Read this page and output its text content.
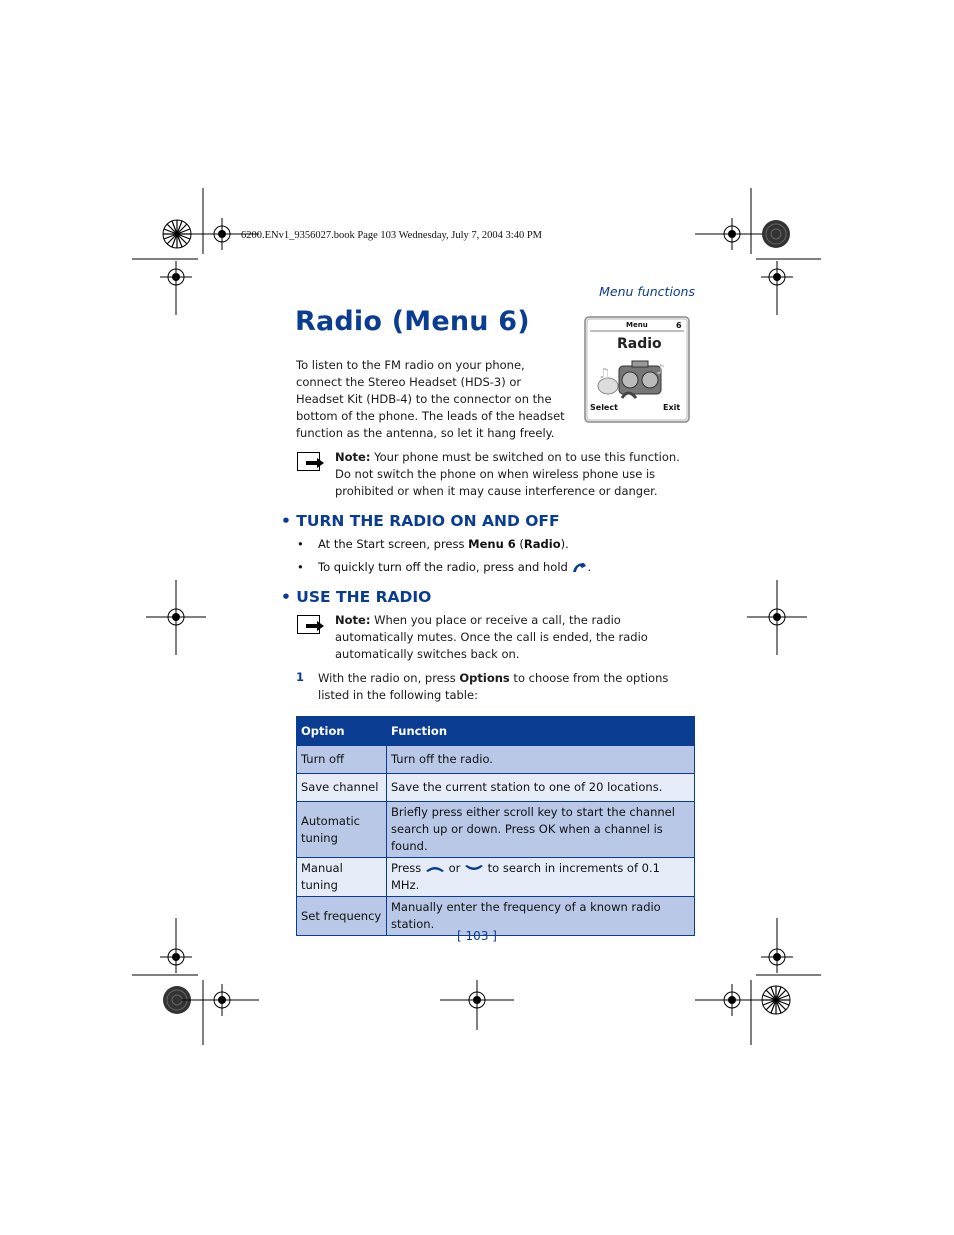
6200.ENv1_9356027.book Page 103 Wednesday, July 7, 2004 3:40 PM
Menu functions
Radio (Menu 6)
To listen to the FM radio on your phone, connect the Stereo Headset (HDS-3) or Headset Kit (HDB-4) to the connector on the bottom of the phone. The leads of the headset function as the antenna, so let it hang freely.
♫	♪
Menu	6
Radio
Select	Exit
Note: Your phone must be switched on to use this function. Do not switch the phone on when wireless phone use is prohibited or when it may cause interference or danger.
• TURN THE RADIO ON AND OFF
• At the Start screen, press Menu 6 (Radio).
• To quickly turn off the radio, press and hold .
• USE THE RADIO
Note: When you place or receive a call, the radio automatically mutes. Once the call is ended, the radio automatically switches back on.
1 With the radio on, press Options to choose from the options listed in the following table:
Option	Function
Turn off	Turn off the radio.
Save channel	Save the current station to one of 20 locations.
Automatic tuning	Briefly press either scroll key to start the channel search up or down. Press OK when a channel is found.
Manual tuning	Press  or  to search in increments of 0.1 MHz.
Set frequency	Manually enter the frequency of a known radio station.
[ 103 ]
